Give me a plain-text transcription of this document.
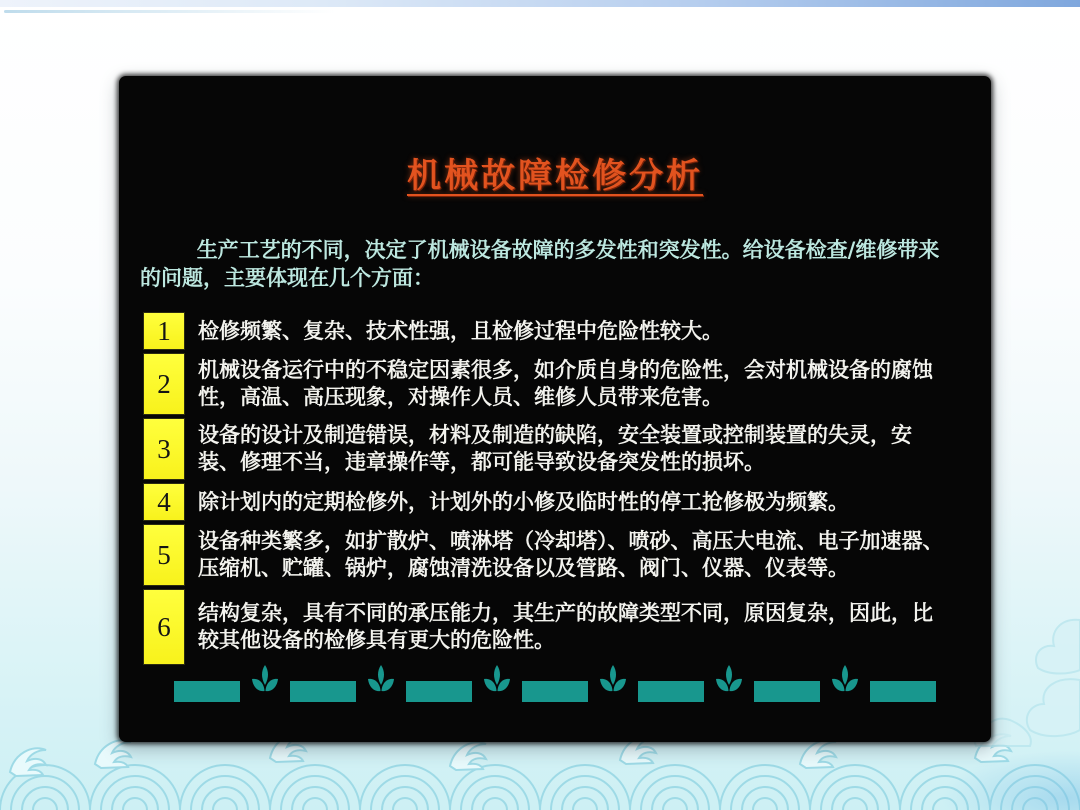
机械故障检修分析
生产工艺的不同，决定了机械设备故障的多发性和突发性。给设备检查/维修带来的问题，主要体现在几个方面：
1	检修频繁、复杂、技术性强，且检修过程中危险性较大。
2	机械设备运行中的不稳定因素很多，如介质自身的危险性，会对机械设备的腐蚀性，高温、高压现象，对操作人员、维修人员带来危害。
3	设备的设计及制造错误，材料及制造的缺陷，安全装置或控制装置的失灵，安装、修理不当，违章操作等，都可能导致设备突发性的损坏。
4	除计划内的定期检修外，计划外的小修及临时性的停工抢修极为频繁。
5	设备种类繁多，如扩散炉、喷淋塔（冷却塔）、喷砂、高压大电流、电子加速器、压缩机、贮罐、锅炉，腐蚀清洗设备以及管路、阀门、仪器、仪表等。
6	结构复杂，具有不同的承压能力，其生产的故障类型不同，原因复杂，因此，比较其他设备的检修具有更大的危险性。
